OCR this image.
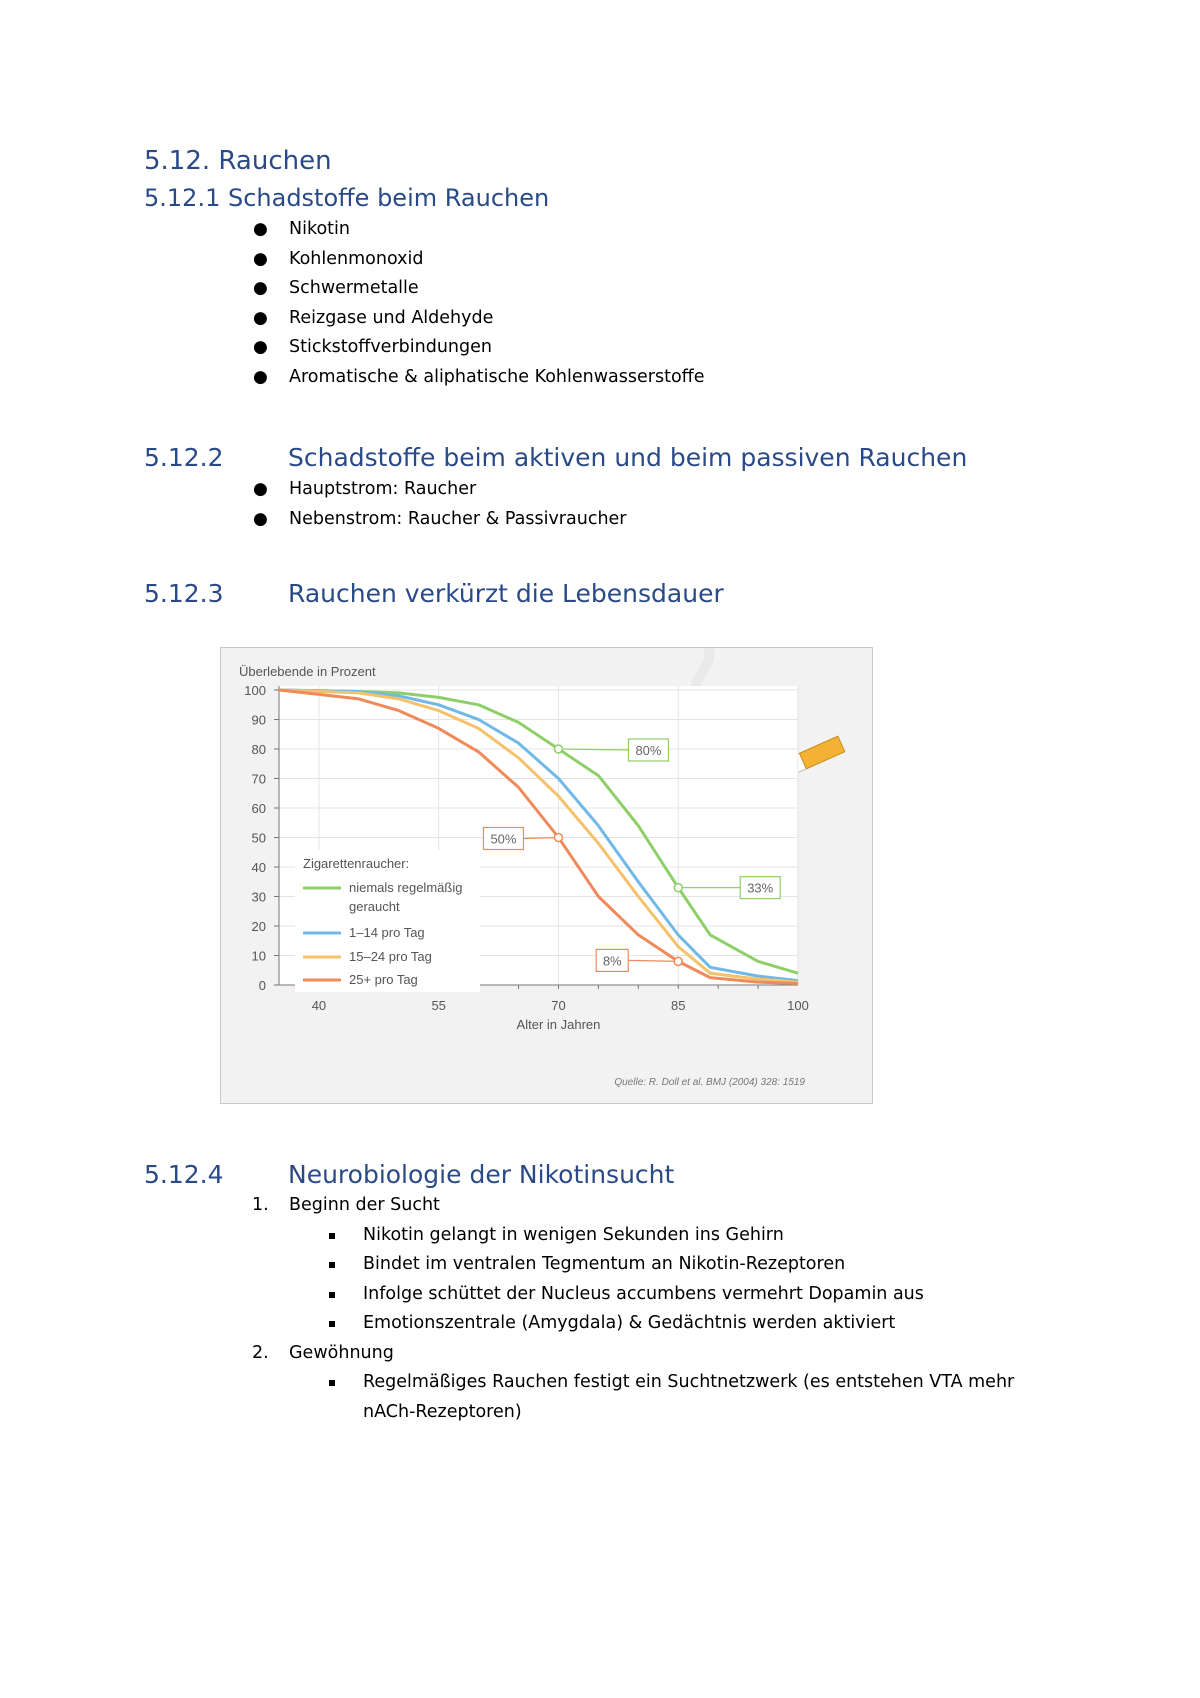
5.12. Rauchen
5.12.1 Schadstoffe beim Rauchen
● Nikotin
● Kohlenmonoxid
● Schwermetalle
● Reizgase und Aldehyde
● Stickstoffverbindungen
● Aromatische & aliphatische Kohlenwasserstoffe
5.12.2	Schadstoffe beim aktiven und beim passiven Rauchen
● Hauptstrom: Raucher
● Nebenstrom: Raucher & Passivraucher
5.12.3	Rauchen verkürzt die Lebensdauer
0
10
20
30
40
50
60
70
80
90
100
40	55	70	85	100
Überlebende in Prozent
Alter in Jahren
80%
50%
33%
8%
Zigarettenraucher:
niemals regelmäßig geraucht
1–14 pro Tag
15–24 pro Tag
25+ pro Tag
Quelle: R. Doll et al. BMJ (2004) 328: 1519
5.12.4	Neurobiologie der Nikotinsucht
1. Beginn der Sucht
Nikotin gelangt in wenigen Sekunden ins Gehirn
Bindet im ventralen Tegmentum an Nikotin-Rezeptoren
Infolge schüttet der Nucleus accumbens vermehrt Dopamin aus
Emotionszentrale (Amygdala) & Gedächtnis werden aktiviert
2. Gewöhnung
Regelmäßiges Rauchen festigt ein Suchtnetzwerk (es entstehen VTA mehr nACh-Rezeptoren)
